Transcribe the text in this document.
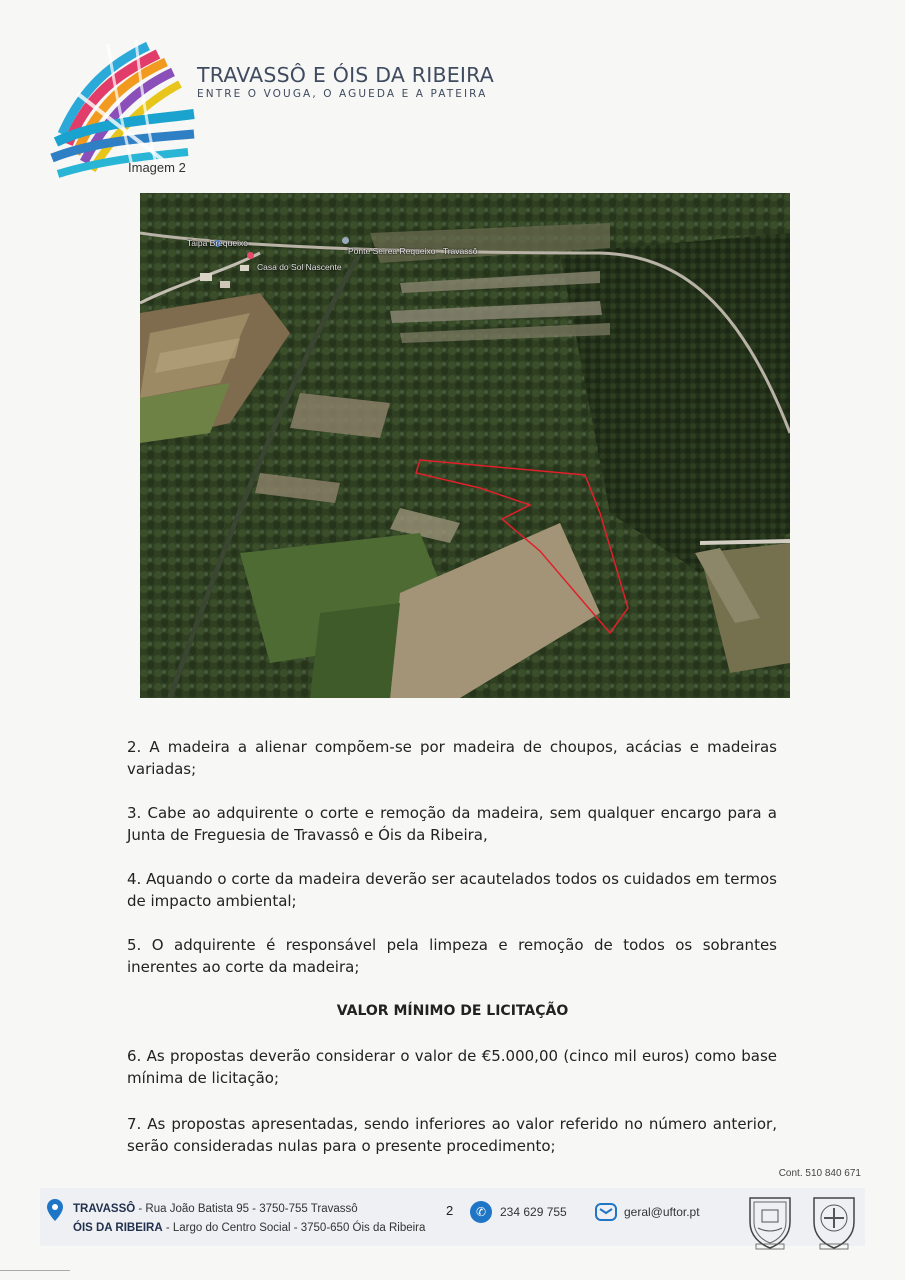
TRAVASSÔ E ÓIS DA RIBEIRA
ENTRE O VOUGA, O AGUEDA E A PATEIRA
Imagem 2
Taipa Brequeixo
Ponte Seirea Requeixo - Travassô
Casa do Sol Nascente
2. A madeira a alienar compõem-se por madeira de choupos, acácias e madeiras variadas;
3. Cabe ao adquirente o corte e remoção da madeira, sem qualquer encargo para a Junta de Freguesia de Travassô e Óis da Ribeira,
4. Aquando o corte da madeira deverão ser acautelados todos os cuidados em termos de impacto ambiental;
5. O adquirente é responsável pela limpeza e remoção de todos os sobrantes inerentes ao corte da madeira;
VALOR MÍNIMO DE LICITAÇÃO
6. As propostas deverão considerar o valor de €5.000,00 (cinco mil euros) como base mínima de licitação;
7. As propostas apresentadas, sendo inferiores ao valor referido no número anterior, serão consideradas nulas para o presente procedimento;
Cont. 510 840 671
TRAVASSÔ - Rua João Batista 95 - 3750-755 Travassô
ÓIS DA RIBEIRA - Largo do Centro Social - 3750-650 Óis da Ribeira
2	✆	234 629 755	geral@uftor.pt
